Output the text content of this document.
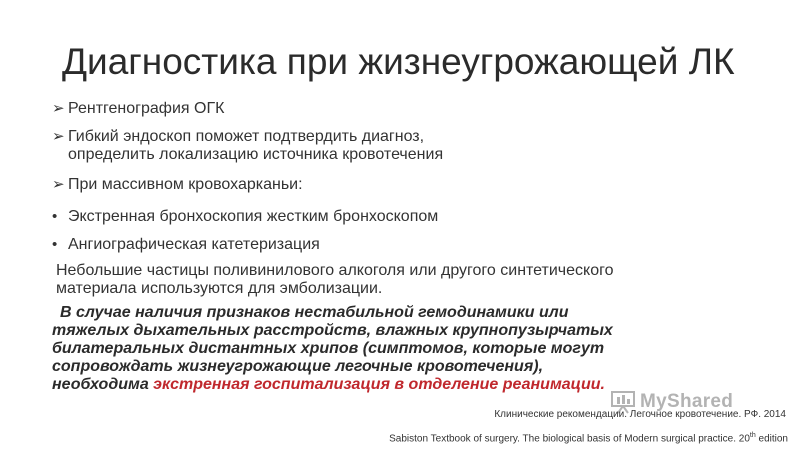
Диагностика при жизнеугрожающей ЛК
➢ Рентгенография ОГК
➢ Гибкий эндоскоп поможет подтвердить диагноз, определить локализацию источника кровотечения
➢ При массивном кровохарканьи:
• Экстренная бронхоскопия жестким бронхоскопом
• Ангиографическая катетеризация
Небольшие частицы поливинилового алкоголя или другого синтетического материала используются для эмболизации.
В случае наличия признаков нестабильной гемодинамики или
тяжелых дыхательных расстройств, влажных крупнопузырчатых
билатеральных дистантных хрипов (симптомов, которые могут
сопровождать жизнеугрожающие легочные кровотечения),
необходима экстренная госпитализация в отделение реанимации.
MyShared
Клинические рекомендации. Легочное кровотечение. РФ. 2014
Sabiston Textbook of surgery. The biological basis of Modern surgical practice. 20th edition
